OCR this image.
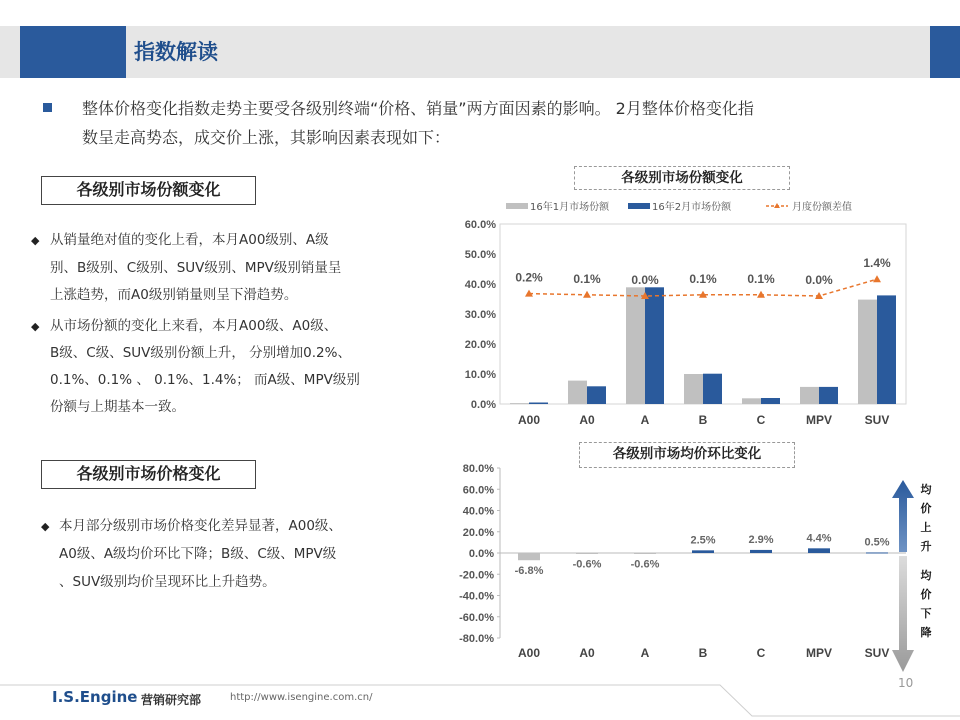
指数解读
整体价格变化指数走势主要受各级别终端“价格、销量”两方面因素的影响。 2月整体价格变化指
数呈走高势态，成交价上涨，其影响因素表现如下：
各级别市场份额变化
◆ 从销量绝对值的变化上看，本月A00级别、A级
别、B级别、C级别、SUV级别、MPV级别销量呈
上涨趋势，而A0级别销量则呈下滑趋势。
◆ 从市场份额的变化上来看，本月A00级、A0级、
B级、C级、SUV级别份额上升， 分别增加0.2%、
0.1%、0.1% 、 0.1%、1.4%； 而A级、MPV级别
份额与上期基本一致。
各级别市场价格变化
◆ 本月部分级别市场价格变化差异显著，A00级、
A0级、A级均价环比下降；B级、C级、MPV级
、SUV级别均价呈现环比上升趋势。
0.0%
10.0%
20.0%
30.0%
40.0%
50.0%
60.0%
A00	A0	A	B	C	MPV	SUV
0.2%	0.1%	0.0%	0.1%	0.1%	0.0%
1.4%
16年1月市场份额	16年2月市场份额	月度份额差值
各级别市场份额变化
-80.0%
-60.0%
-40.0%
-20.0%
0.0%
20.0%
40.0%
60.0%
80.0%
-6.8%
A00
-0.6%
A0
-0.6%
A
2.5%
B
2.9%
C
4.4%
MPV
0.5%
SUV
各级别市场均价环比变化
均
价
上
升
均
价
下
降
I.S.Engine 营销研究部	http://www.isengine.com.cn/
10
